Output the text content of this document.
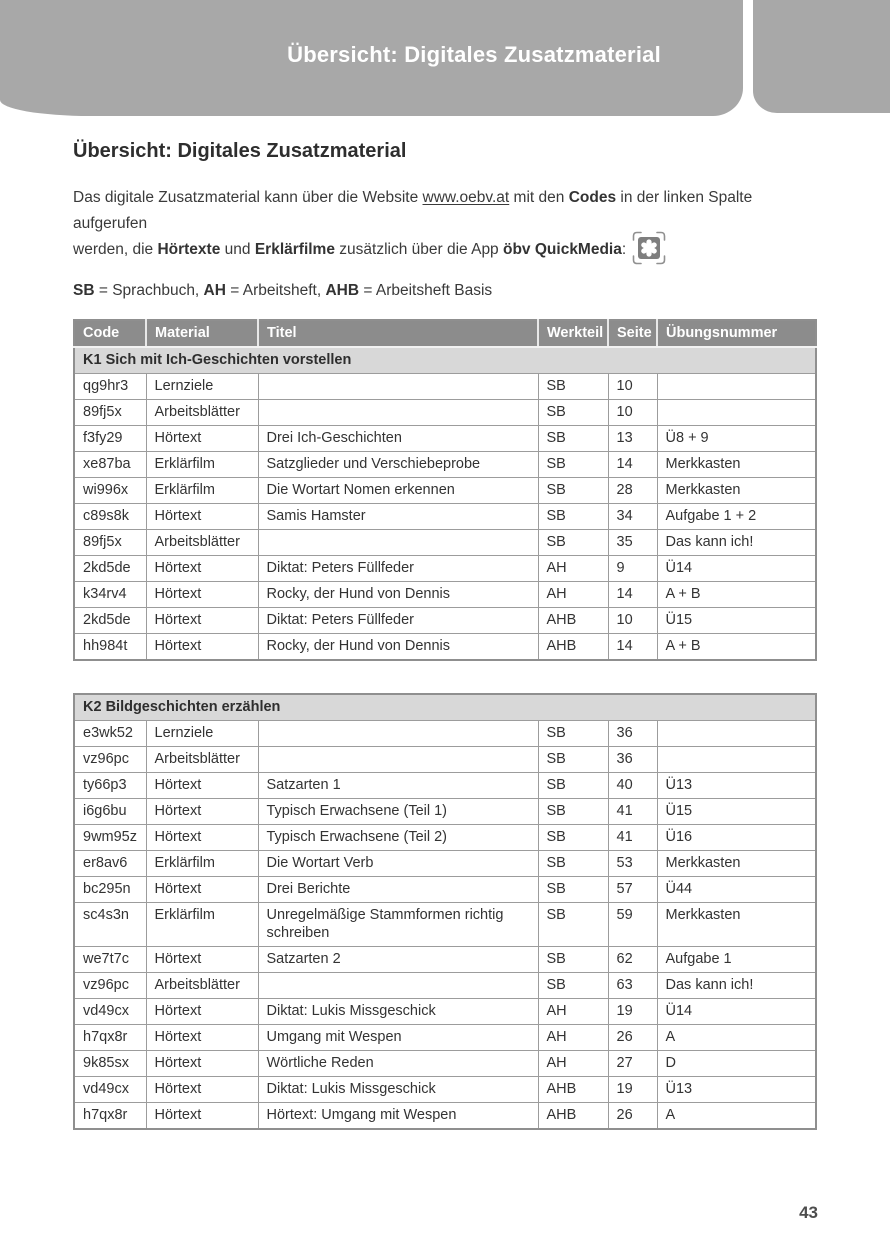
Übersicht: Digitales Zusatzmaterial
Übersicht: Digitales Zusatzmaterial

Das digitale Zusatzmaterial kann über die Website www.oebv.at mit den Codes in der linken Spalte aufgerufen
werden, die Hörtexte und Erklärfilme zusätzlich über die App öbv QuickMedia:

SB = Sprachbuch, AH = Arbeitsheft, AHB = Arbeitsheft Basis

Code	Material	Titel	Werkteil	Seite	Übungsnummer
K1 Sich mit Ich-Geschichten vorstellen					
qg9hr3	Lernziele		SB	10	
89fj5x	Arbeitsblätter		SB	10	
f3fy29	Hörtext	Drei Ich-Geschichten	SB	13	Ü8 + 9
xe87ba	Erklärfilm	Satzglieder und Verschiebeprobe	SB	14	Merkkasten
wi996x	Erklärfilm	Die Wortart Nomen erkennen	SB	28	Merkkasten
c89s8k	Hörtext	Samis Hamster	SB	34	Aufgabe 1 + 2
89fj5x	Arbeitsblätter		SB	35	Das kann ich!
2kd5de	Hörtext	Diktat: Peters Füllfeder	AH	9	Ü14
k34rv4	Hörtext	Rocky, der Hund von Dennis	AH	14	A + B
2kd5de	Hörtext	Diktat: Peters Füllfeder	AHB	10	Ü15
hh984t	Hörtext	Rocky, der Hund von Dennis	AHB	14	A + B
K2 Bildgeschichten erzählen					
e3wk52	Lernziele		SB	36	
vz96pc	Arbeitsblätter		SB	36	
ty66p3	Hörtext	Satzarten 1	SB	40	Ü13
i6g6bu	Hörtext	Typisch Erwachsene (Teil 1)	SB	41	Ü15
9wm95z	Hörtext	Typisch Erwachsene (Teil 2)	SB	41	Ü16
er8av6	Erklärfilm	Die Wortart Verb	SB	53	Merkkasten
bc295n	Hörtext	Drei Berichte	SB	57	Ü44
sc4s3n	Erklärfilm	Unregelmäßige Stammformen richtig schreiben	SB	59	Merkkasten
we7t7c	Hörtext	Satzarten 2	SB	62	Aufgabe 1
vz96pc	Arbeitsblätter		SB	63	Das kann ich!
vd49cx	Hörtext	Diktat: Lukis Missgeschick	AH	19	Ü14
h7qx8r	Hörtext	Umgang mit Wespen	AH	26	A
9k85sx	Hörtext	Wörtliche Reden	AH	27	D
vd49cx	Hörtext	Diktat: Lukis Missgeschick	AHB	19	Ü13
h7qx8r	Hörtext	Hörtext: Umgang mit Wespen	AHB	26	A
43
